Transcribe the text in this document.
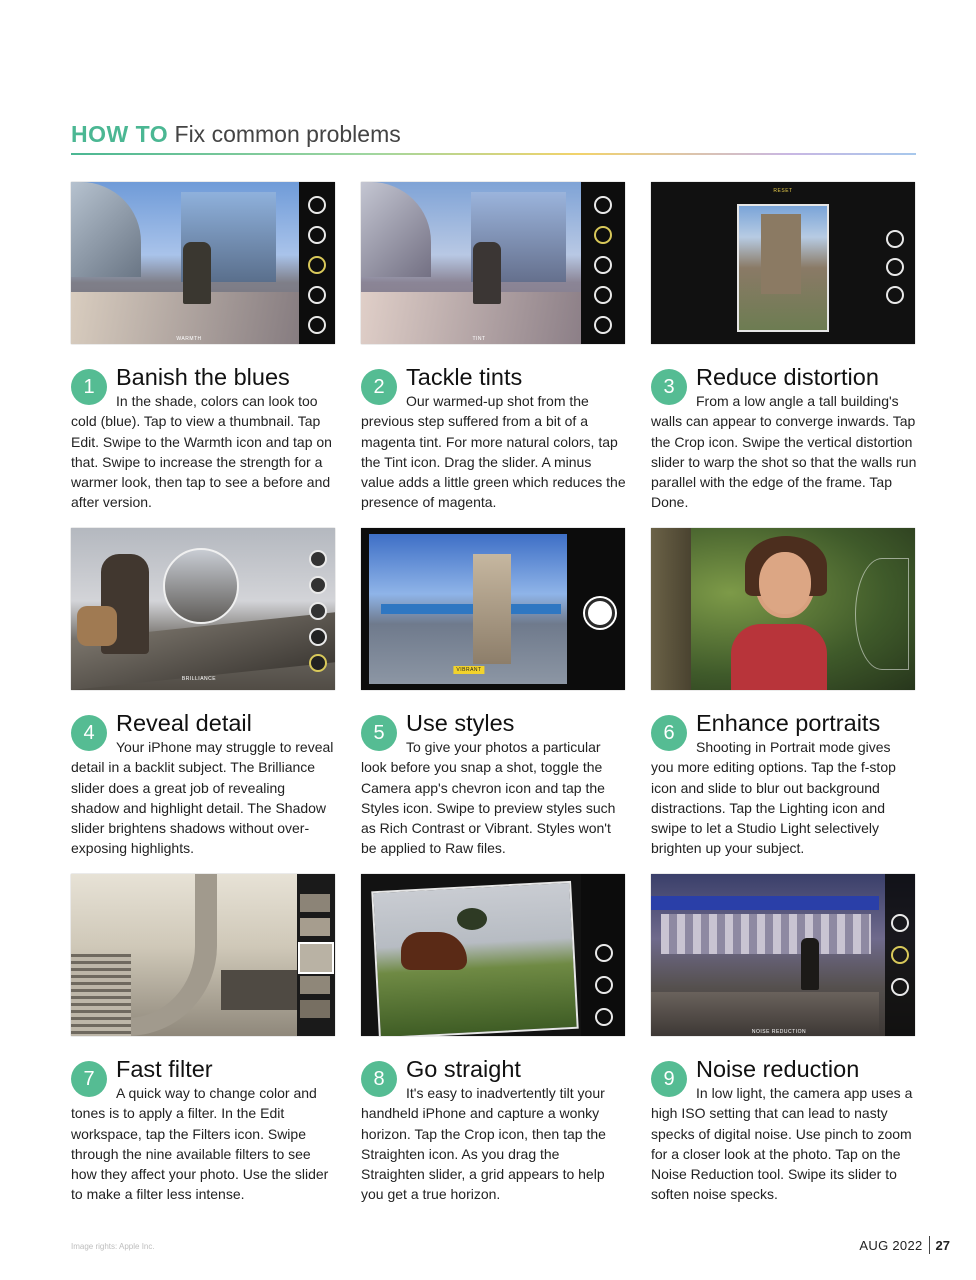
HOW TO Fix common problems
WARMTH
1 Banish the blues

In the shade, colors can look too cold (blue). Tap to view a thumbnail. Tap Edit. Swipe to the Warmth icon and tap on that. Swipe to increase the strength for a warmer look, then tap to see a before and after version.

TINT
2 Tackle tints

Our warmed-up shot from the previous step suffered from a bit of a magenta tint. For more natural colors, tap the Tint icon. Drag the slider. A minus value adds a little green which reduces the presence of magenta.

RESET
3 Reduce distortion

From a low angle a tall building's walls can appear to converge inwards. Tap the Crop icon. Swipe the vertical distortion slider to warp the shot so that the walls run parallel with the edge of the frame. Tap Done.

BRILLIANCE
4 Reveal detail

Your iPhone may struggle to reveal detail in a backlit subject. The Brilliance slider does a great job of revealing shadow and highlight detail. The Shadow slider brightens shadows without over-exposing highlights.

VIBRANT
5 Use styles

To give your photos a particular look before you snap a shot, toggle the Camera app's chevron icon and tap the Styles icon. Swipe to preview styles such as Rich Contrast or Vibrant. Styles won't be applied to Raw files.

6 Enhance portraits

Shooting in Portrait mode gives you more editing options. Tap the f-stop icon and slide to blur out background distractions. Tap the Lighting icon and swipe to let a Studio Light selectively brighten up your subject.

7 Fast filter

A quick way to change color and tones is to apply a filter. In the Edit workspace, tap the Filters icon. Swipe through the nine available filters to see how they affect your photo. Use the slider to make a filter less intense.

8 Go straight

It's easy to inadvertently tilt your handheld iPhone and capture a wonky horizon. Tap the Crop icon, then tap the Straighten icon. As you drag the Straighten slider, a grid appears to help you get a true horizon.

NOISE REDUCTION
9 Noise reduction

In low light, the camera app uses a high ISO setting that can lead to nasty specks of digital noise. Use pinch to zoom for a closer look at the photo. Tap on the Noise Reduction tool. Swipe its slider to soften noise specks.

Image rights: Apple Inc.	AUG 2022 27
